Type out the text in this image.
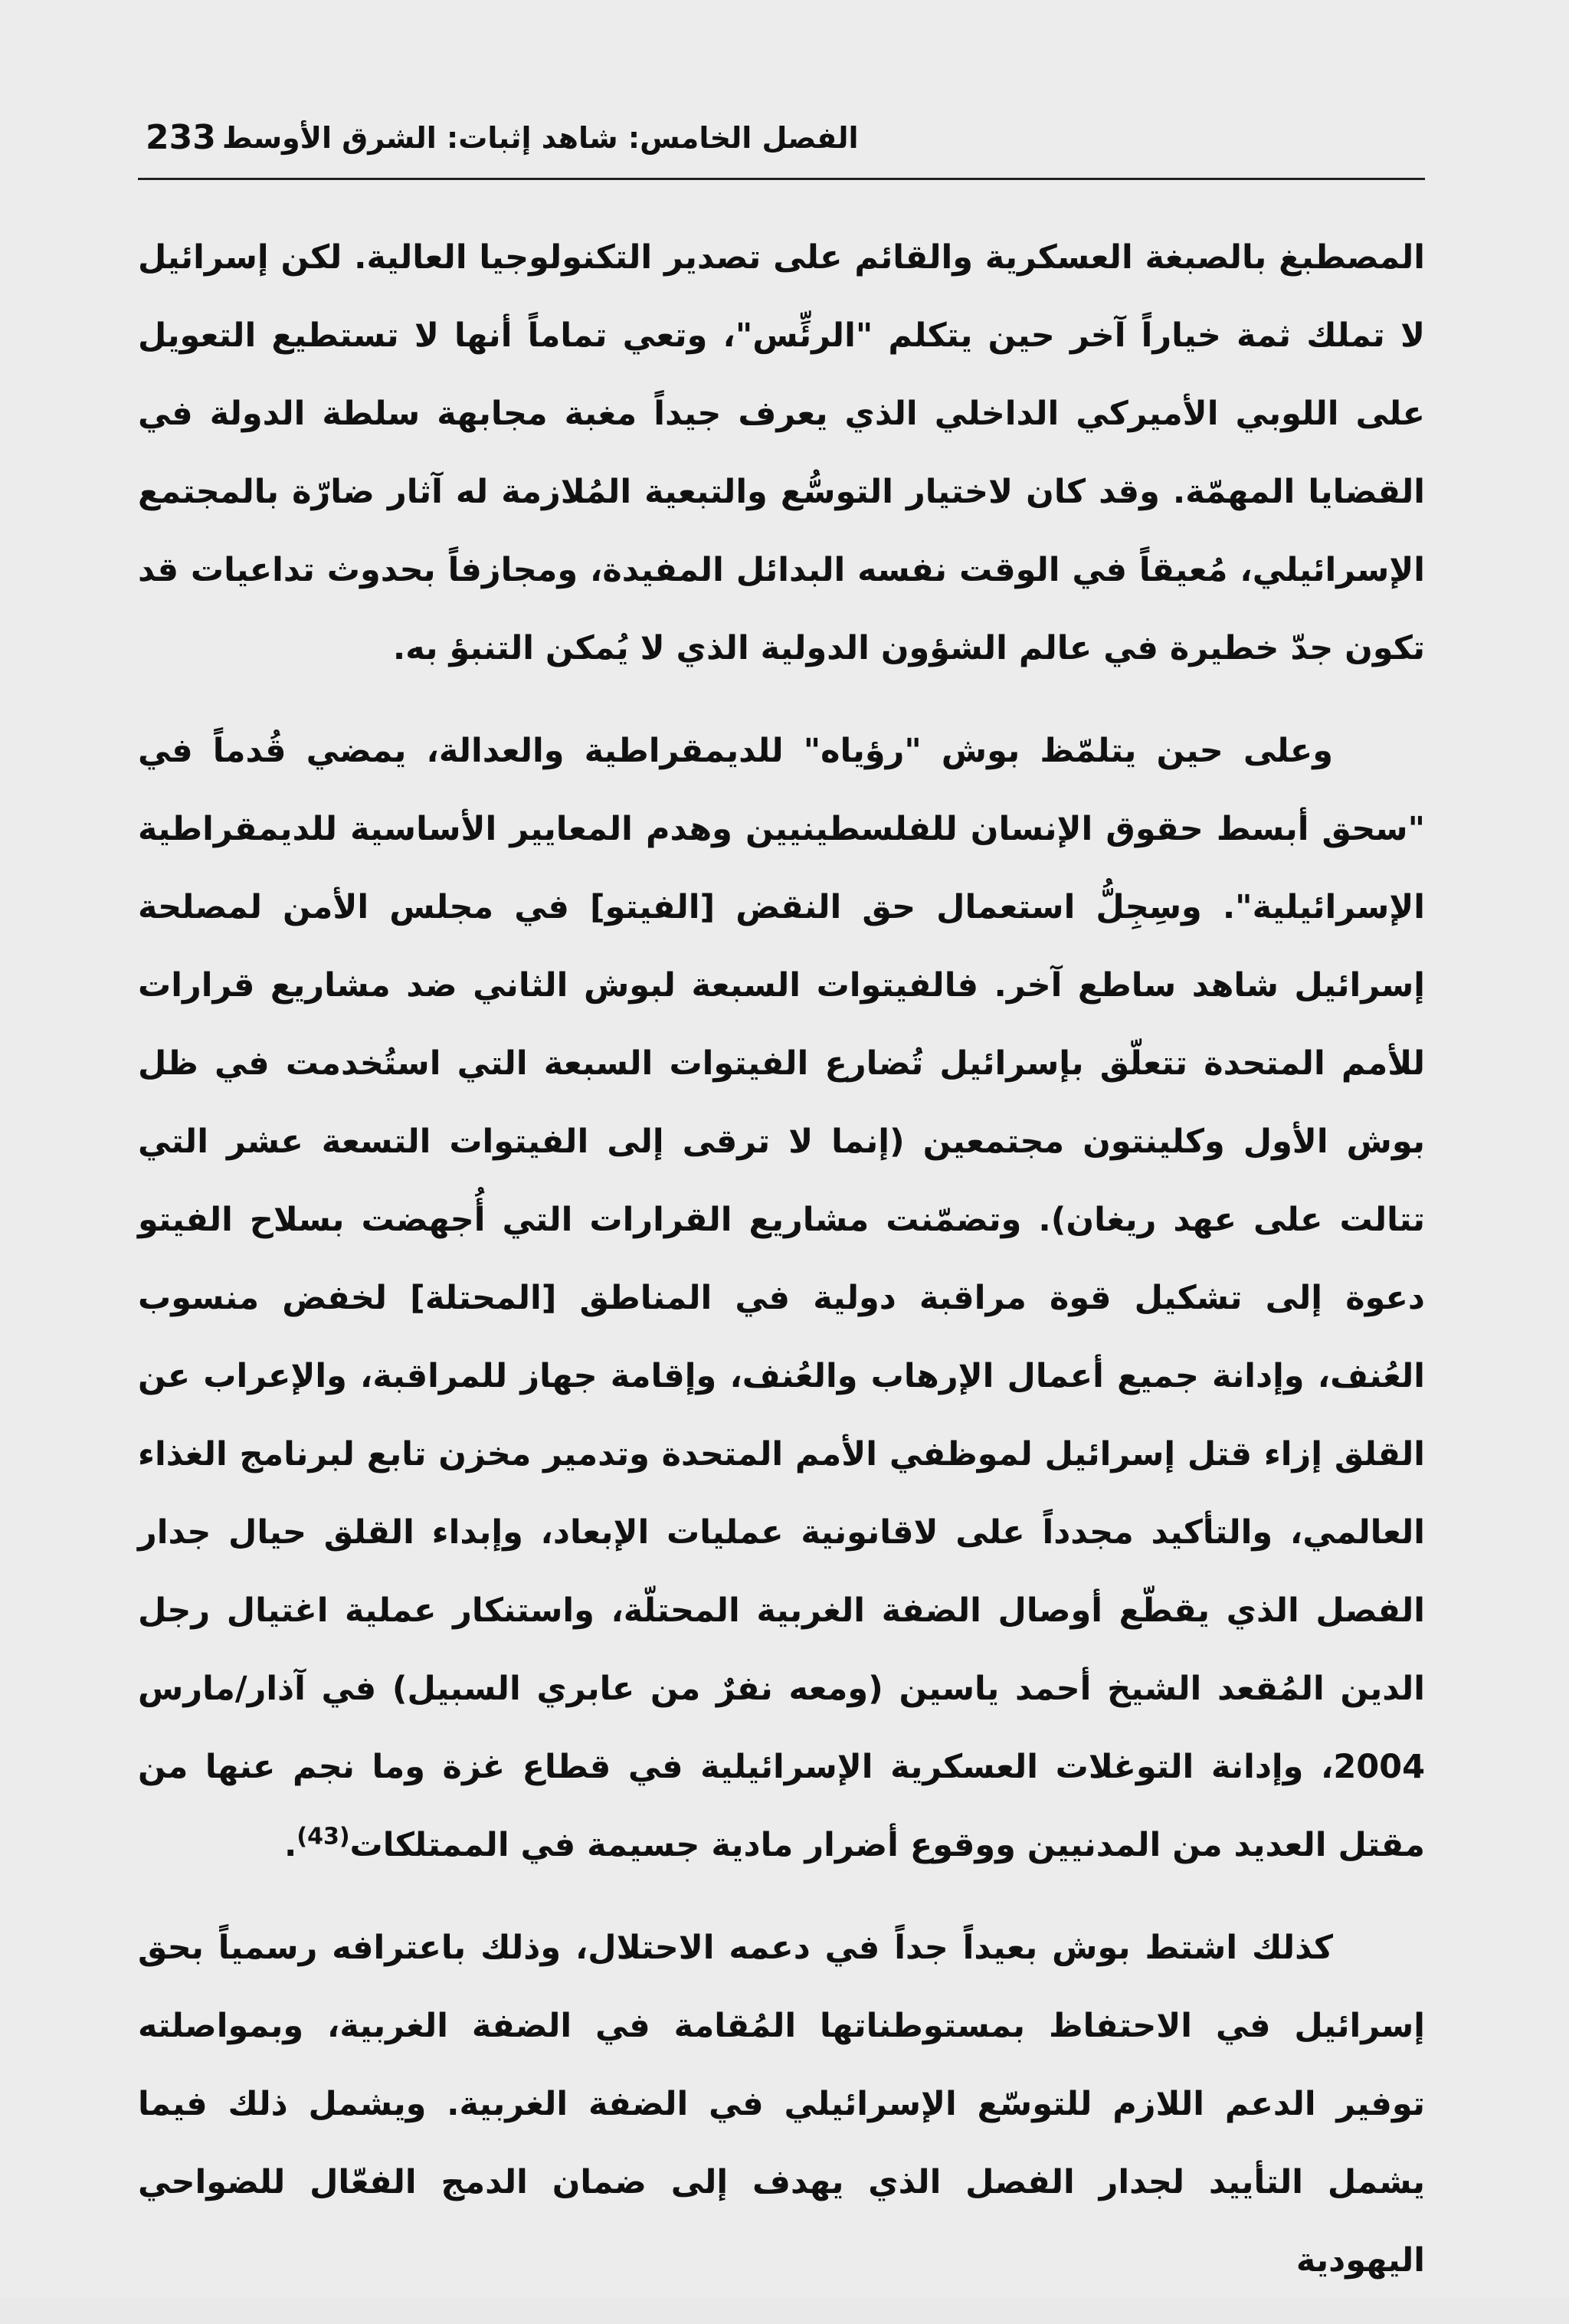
233 الفصل الخامس: شاهد إثبات: الشرق الأوسط

المصطبغ بالصبغة العسكرية والقائم على تصدير التكنولوجيا العالية. لكن إسرائيل لا تملك ثمة خياراً آخر حين يتكلم "الرئِّس"، وتعي تماماً أنها لا تستطيع التعويل على اللوبي الأميركي الداخلي الذي يعرف جيداً مغبة مجابهة سلطة الدولة في القضايا المهمّة. وقد كان لاختيار التوسُّع والتبعية المُلازمة له آثار ضارّة بالمجتمع الإسرائيلي، مُعيقاً في الوقت نفسه البدائل المفيدة، ومجازفاً بحدوث تداعيات قد تكون جدّ خطيرة في عالم الشؤون الدولية الذي لا يُمكن التنبؤ به.

وعلى حين يتلمّظ بوش "رؤياه" للديمقراطية والعدالة، يمضي قُدماً في "سحق أبسط حقوق الإنسان للفلسطينيين وهدم المعايير الأساسية للديمقراطية الإسرائيلية". وسِجِلُّ استعمال حق النقض [الفيتو] في مجلس الأمن لمصلحة إسرائيل شاهد ساطع آخر. فالفيتوات السبعة لبوش الثاني ضد مشاريع قرارات للأمم المتحدة تتعلّق بإسرائيل تُضارع الفيتوات السبعة التي استُخدمت في ظل بوش الأول وكلينتون مجتمعين (إنما لا ترقى إلى الفيتوات التسعة عشر التي تتالت على عهد ريغان). وتضمّنت مشاريع القرارات التي أُجهضت بسلاح الفيتو دعوة إلى تشكيل قوة مراقبة دولية في المناطق [المحتلة] لخفض منسوب العُنف، وإدانة جميع أعمال الإرهاب والعُنف، وإقامة جهاز للمراقبة، والإعراب عن القلق إزاء قتل إسرائيل لموظفي الأمم المتحدة وتدمير مخزن تابع لبرنامج الغذاء العالمي، والتأكيد مجدداً على لاقانونية عمليات الإبعاد، وإبداء القلق حيال جدار الفصل الذي يقطّع أوصال الضفة الغربية المحتلّة، واستنكار عملية اغتيال رجل الدين المُقعد الشيخ أحمد ياسين (ومعه نفرٌ من عابري السبيل) في آذار/مارس 2004، وإدانة التوغلات العسكرية الإسرائيلية في قطاع غزة وما نجم عنها من مقتل العديد من المدنيين ووقوع أضرار مادية جسيمة في الممتلكات$^{(43)}$.

كذلك اشتط بوش بعيداً جداً في دعمه الاحتلال، وذلك باعترافه رسمياً بحق إسرائيل في الاحتفاظ بمستوطناتها المُقامة في الضفة الغربية، وبمواصلته توفير الدعم اللازم للتوسّع الإسرائيلي في الضفة الغربية. ويشمل ذلك فيما يشمل التأييد لجدار الفصل الذي يهدف إلى ضمان الدمج الفعّال للضواحي اليهودية
